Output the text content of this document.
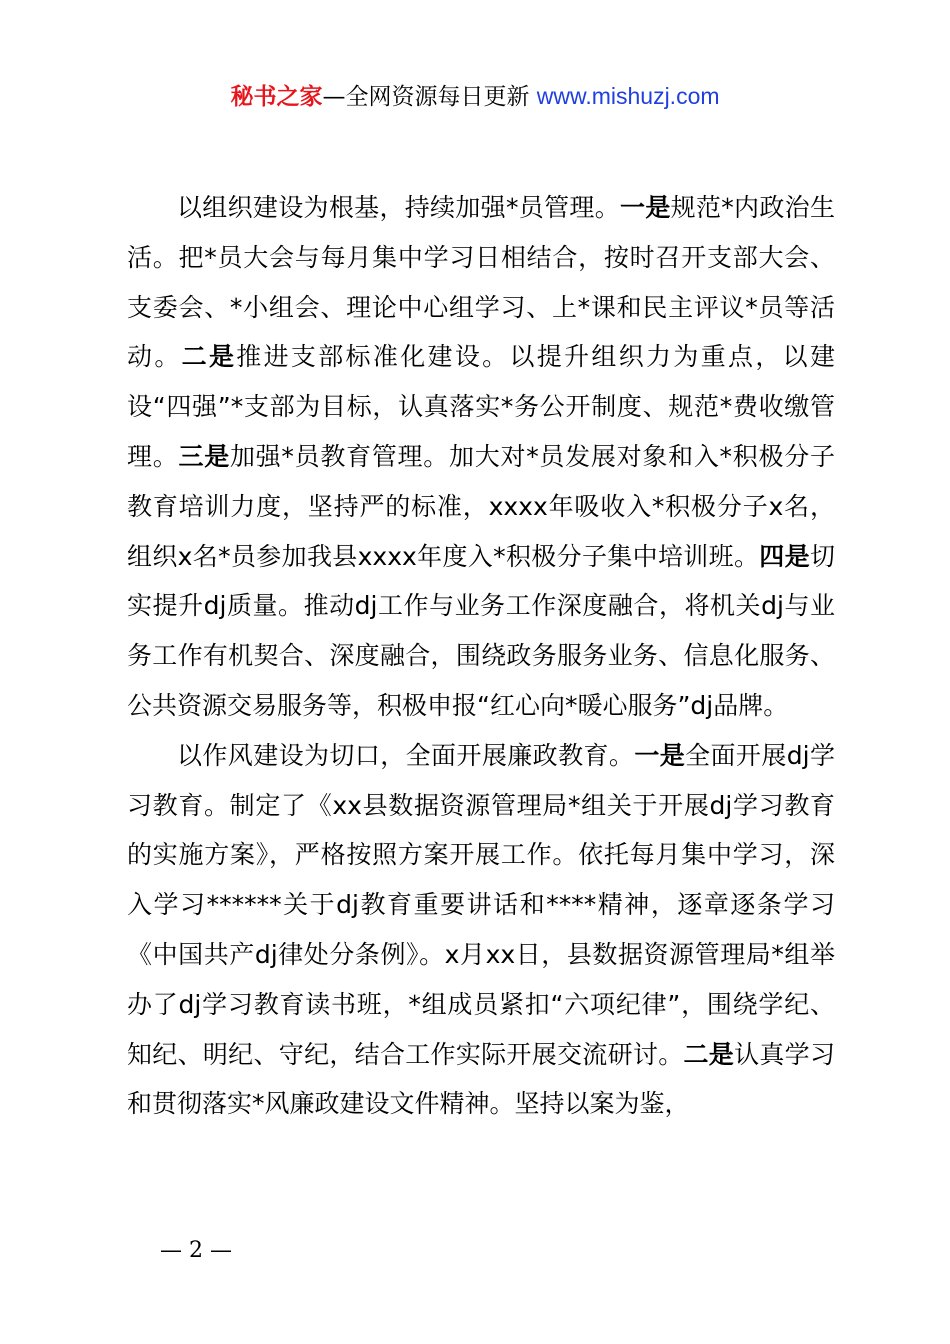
秘书之家—全网资源每日更新 www.mishuzj.com

以组织建设为根基，持续加强*员管理。一是规范*内政治生活。把*员大会与每月集中学习日相结合，按时召开支部大会、支委会、*小组会、理论中心组学习、上*课和民主评议*员等活动。二是推进支部标准化建设。以提升组织力为重点，以建设“四强”*支部为目标，认真落实*务公开制度、规范*费收缴管理。三是加强*员教育管理。加大对*员发展对象和入*积极分子教育培训力度，坚持严的标准，xxxx年吸收入*积极分子x名，组织x名*员参加我县xxxx年度入*积极分子集中培训班。四是切实提升dj质量。推动dj工作与业务工作深度融合，将机关dj与业务工作有机契合、深度融合，围绕政务服务业务、信息化服务、公共资源交易服务等，积极申报“红心向*暖心服务”dj品牌。

以作风建设为切口，全面开展廉政教育。一是全面开展dj学习教育。制定了《xx县数据资源管理局*组关于开展dj学习教育的实施方案》，严格按照方案开展工作。依托每月集中学习，深入学习******关于dj教育重要讲话和****精神，逐章逐条学习《中国共产dj律处分条例》。x月xx日，县数据资源管理局*组举办了dj学习教育读书班，*组成员紧扣“六项纪律”，围绕学纪、知纪、明纪、守纪，结合工作实际开展交流研讨。二是认真学习和贯彻落实*风廉政建设文件精神。坚持以案为鉴，

— 2 —
